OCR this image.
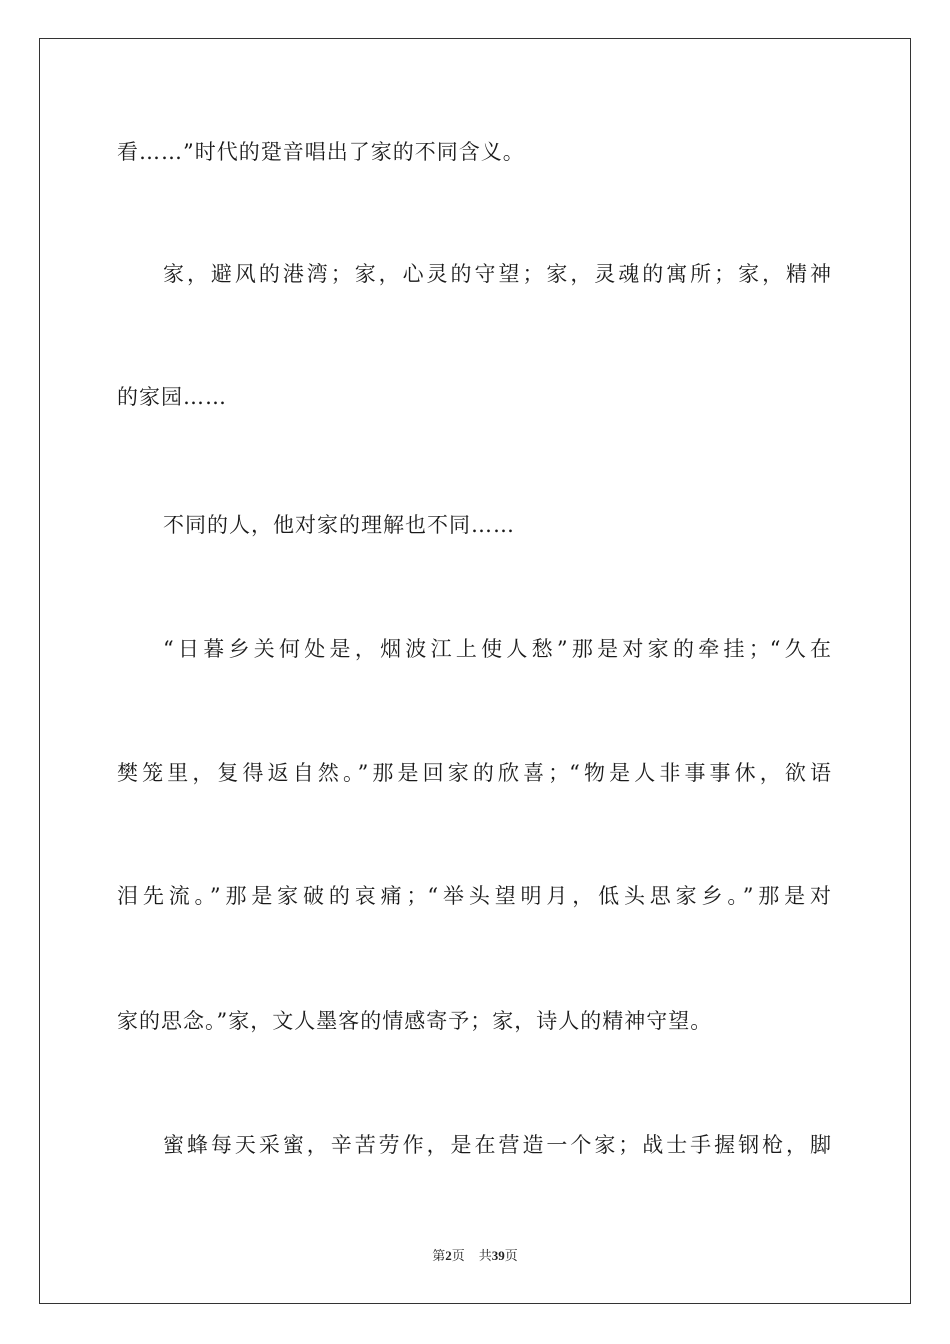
看……”时代的跫音唱出了家的不同含义。
家，避风的港湾；家，心灵的守望；家，灵魂的寓所；家，精神
的家园……
不同的人，他对家的理解也不同……
“日暮乡关何处是，烟波江上使人愁”那是对家的牵挂；“久在
樊笼里，复得返自然。”那是回家的欣喜；“物是人非事事休，欲语
泪先流。”那是家破的哀痛；“举头望明月，低头思家乡。”那是对
家的思念。”家，文人墨客的情感寄予；家，诗人的精神守望。
蜜蜂每天采蜜，辛苦劳作，是在营造一个家；战士手握钢枪，脚
第2页 共39页
